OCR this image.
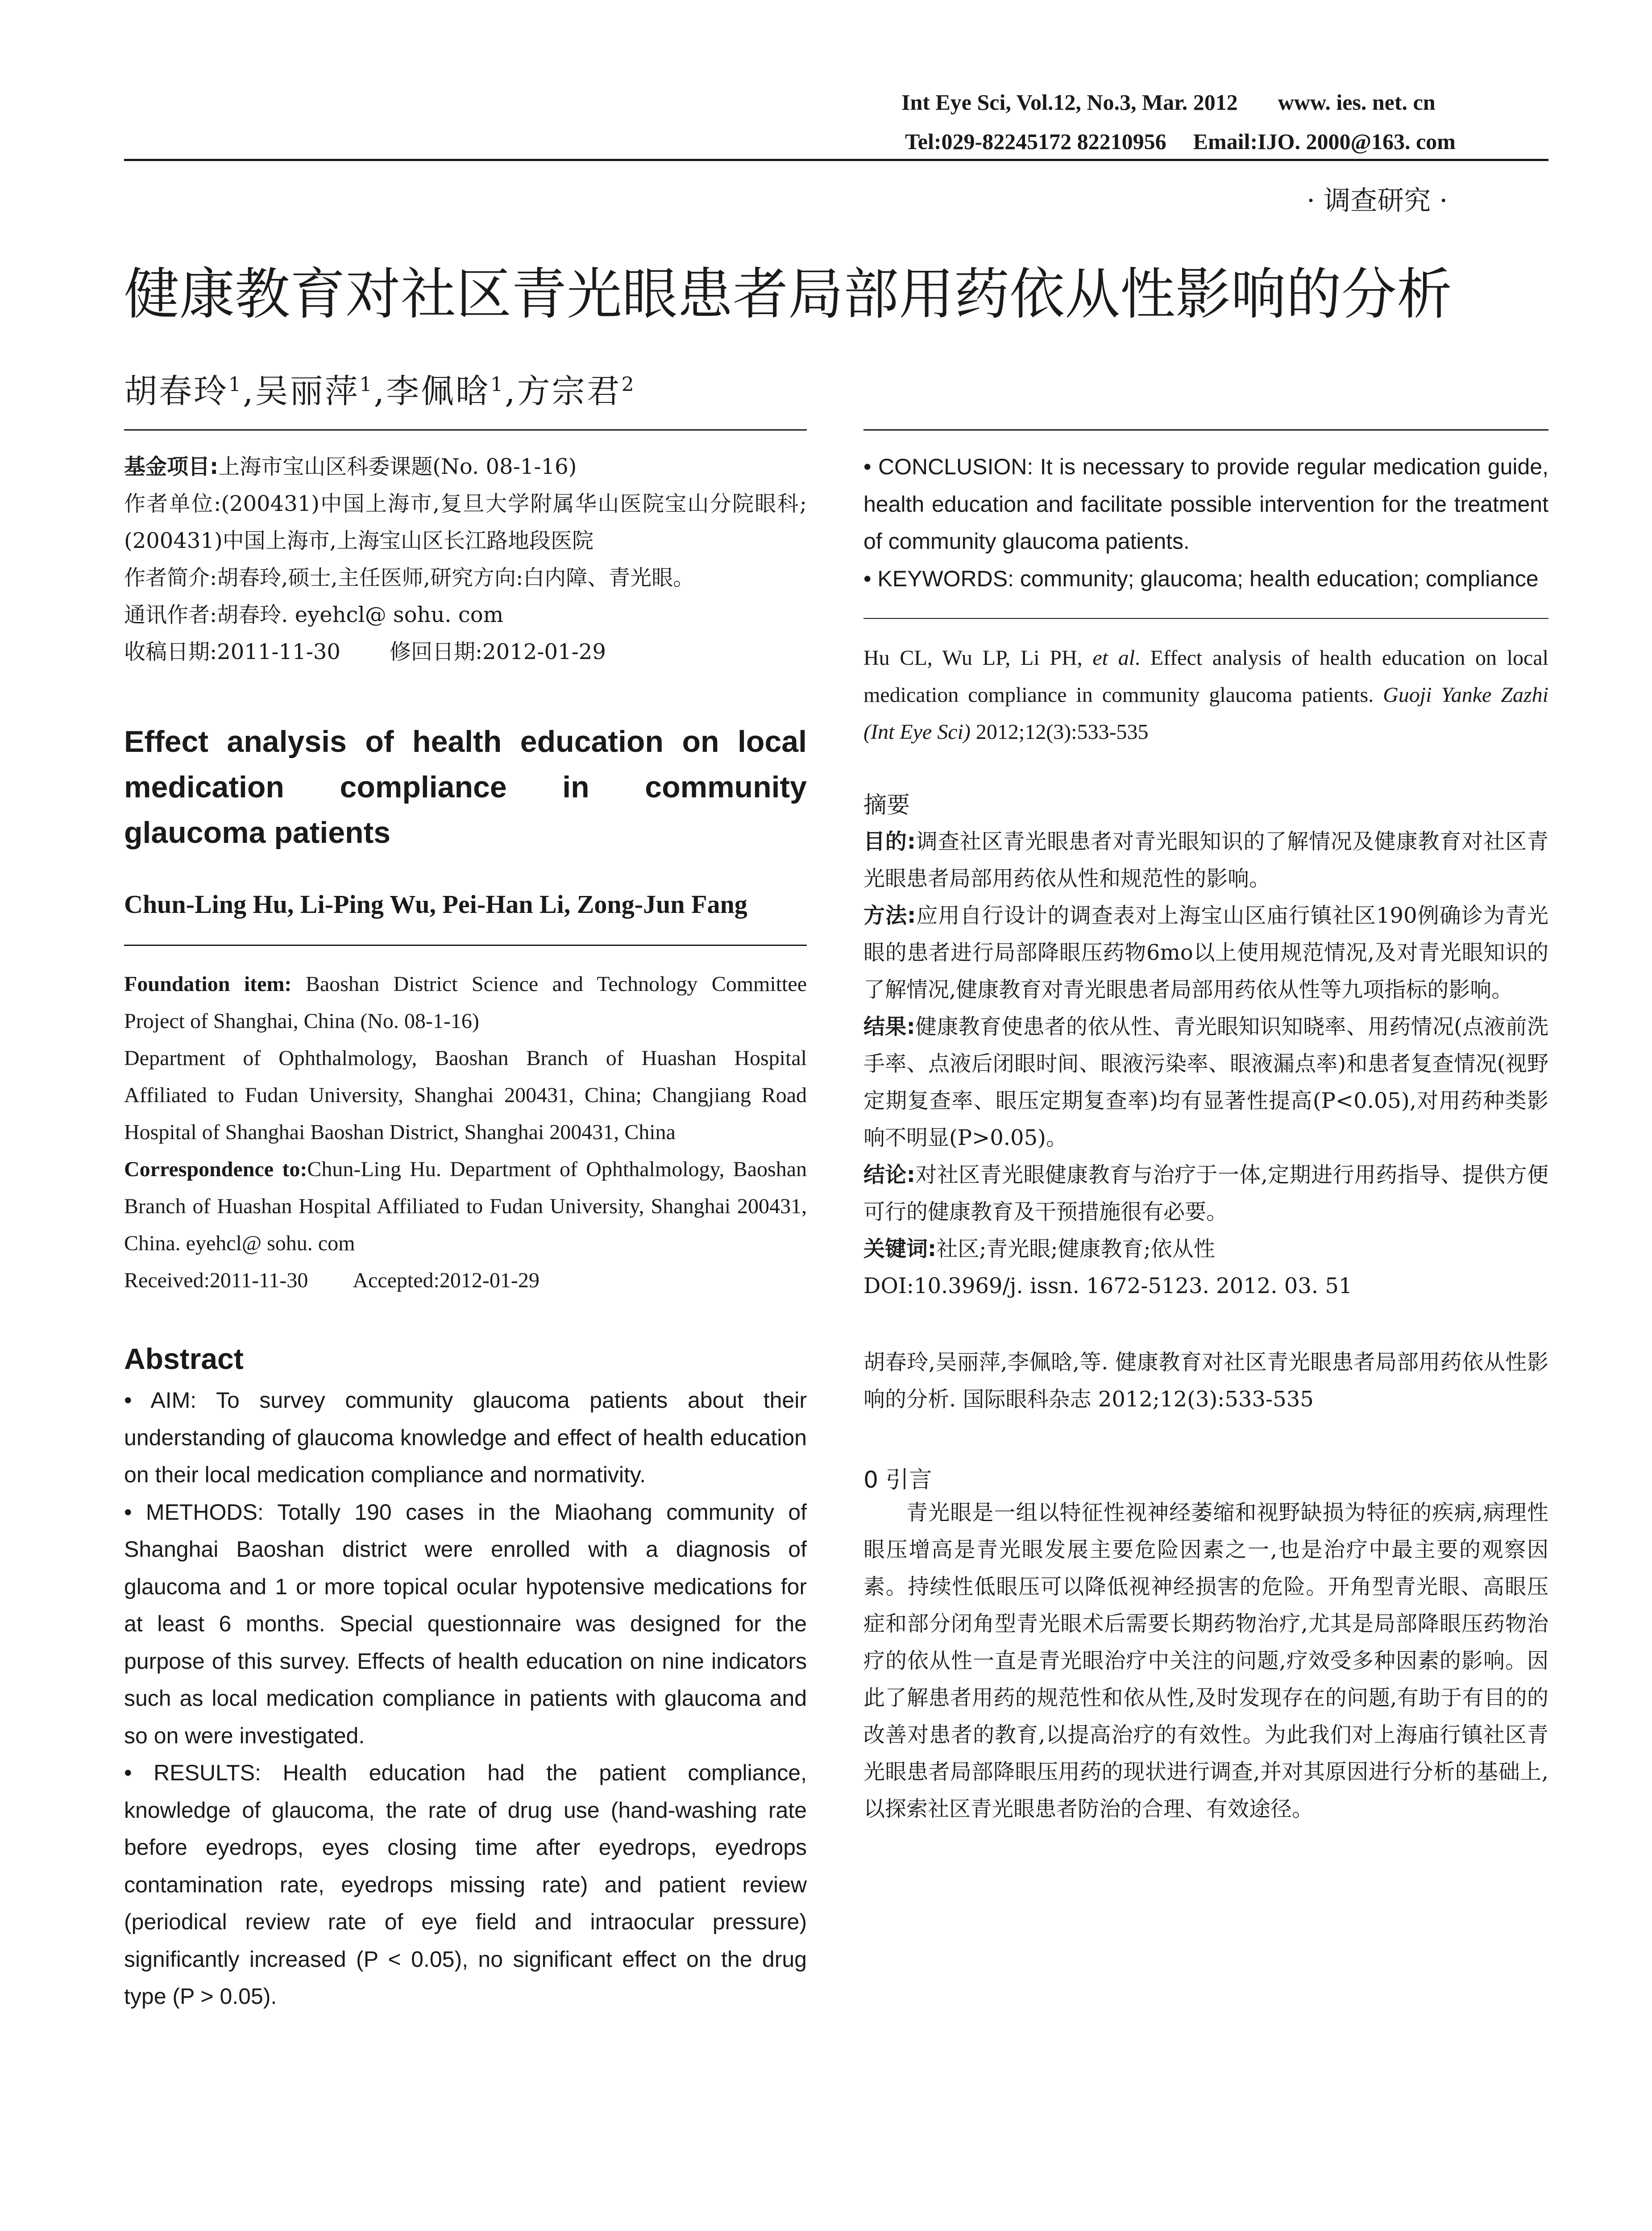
Int Eye Sci, Vol.12, No.3, Mar. 2012 www. ies. net. cn
Tel:029-82245172 82210956 Email:IJO. 2000@163. com
· 调查研究 ·
健康教育对社区青光眼患者局部用药依从性影响的分析
胡春玲$^1$,吴丽萍$^1$,李佩晗$^1$,方宗君$^2$

基金项目:上海市宝山区科委课题(No. 08-1-16)

作者单位:(200431)中国上海市,复旦大学附属华山医院宝山分院眼科;(200431)中国上海市,上海宝山区长江路地段医院

作者简介:胡春玲,硕士,主任医师,研究方向:白内障、青光眼。

通讯作者:胡春玲. eyehcl@ sohu. com

收稿日期:2011-11-30 修回日期:2012-01-29

Effect analysis of health education on local medication compliance in community glaucoma patients

Chun-Ling Hu, Li-Ping Wu, Pei-Han Li, Zong-Jun Fang

Foundation item: Baoshan District Science and Technology Committee Project of Shanghai, China (No. 08-1-16)

Department of Ophthalmology, Baoshan Branch of Huashan Hospital Affiliated to Fudan University, Shanghai 200431, China; Changjiang Road Hospital of Shanghai Baoshan District, Shanghai 200431, China

Correspondence to:Chun-Ling Hu. Department of Ophthalmology, Baoshan Branch of Huashan Hospital Affiliated to Fudan University, Shanghai 200431, China. eyehcl@ sohu. com

Received:2011-11-30 Accepted:2012-01-29

Abstract

• AIM: To survey community glaucoma patients about their understanding of glaucoma knowledge and effect of health education on their local medication compliance and normativity.

• METHODS: Totally 190 cases in the Miaohang community of Shanghai Baoshan district were enrolled with a diagnosis of glaucoma and 1 or more topical ocular hypotensive medications for at least 6 months. Special questionnaire was designed for the purpose of this survey. Effects of health education on nine indicators such as local medication compliance in patients with glaucoma and so on were investigated.

• RESULTS: Health education had the patient compliance, knowledge of glaucoma, the rate of drug use (hand-washing rate before eyedrops, eyes closing time after eyedrops, eyedrops contamination rate, eyedrops missing rate) and patient review (periodical review rate of eye field and intraocular pressure) significantly increased (P < 0.05), no significant effect on the drug type (P > 0.05).

• CONCLUSION: It is necessary to provide regular medication guide, health education and facilitate possible intervention for the treatment of community glaucoma patients.

• KEYWORDS: community; glaucoma; health education; compliance

Hu CL, Wu LP, Li PH, et al. Effect analysis of health education on local medication compliance in community glaucoma patients. Guoji Yanke Zazhi (Int Eye Sci) 2012;12(3):533-535

摘要

目的:调查社区青光眼患者对青光眼知识的了解情况及健康教育对社区青光眼患者局部用药依从性和规范性的影响。

方法:应用自行设计的调查表对上海宝山区庙行镇社区190例确诊为青光眼的患者进行局部降眼压药物6mo以上使用规范情况,及对青光眼知识的了解情况,健康教育对青光眼患者局部用药依从性等九项指标的影响。

结果:健康教育使患者的依从性、青光眼知识知晓率、用药情况(点液前洗手率、点液后闭眼时间、眼液污染率、眼液漏点率)和患者复查情况(视野定期复查率、眼压定期复查率)均有显著性提高(P<0.05),对用药种类影响不明显(P>0.05)。

结论:对社区青光眼健康教育与治疗于一体,定期进行用药指导、提供方便可行的健康教育及干预措施很有必要。

关键词:社区;青光眼;健康教育;依从性

DOI:10.3969/j. issn. 1672-5123. 2012. 03. 51

胡春玲,吴丽萍,李佩晗,等. 健康教育对社区青光眼患者局部用药依从性影响的分析. 国际眼科杂志 2012;12(3):533-535

0 引言

青光眼是一组以特征性视神经萎缩和视野缺损为特征的疾病,病理性眼压增高是青光眼发展主要危险因素之一,也是治疗中最主要的观察因素。持续性低眼压可以降低视神经损害的危险。开角型青光眼、高眼压症和部分闭角型青光眼术后需要长期药物治疗,尤其是局部降眼压药物治疗的依从性一直是青光眼治疗中关注的问题,疗效受多种因素的影响。因此了解患者用药的规范性和依从性,及时发现存在的问题,有助于有目的的改善对患者的教育,以提高治疗的有效性。为此我们对上海庙行镇社区青光眼患者局部降眼压用药的现状进行调查,并对其原因进行分析的基础上,以探索社区青光眼患者防治的合理、有效途径。
